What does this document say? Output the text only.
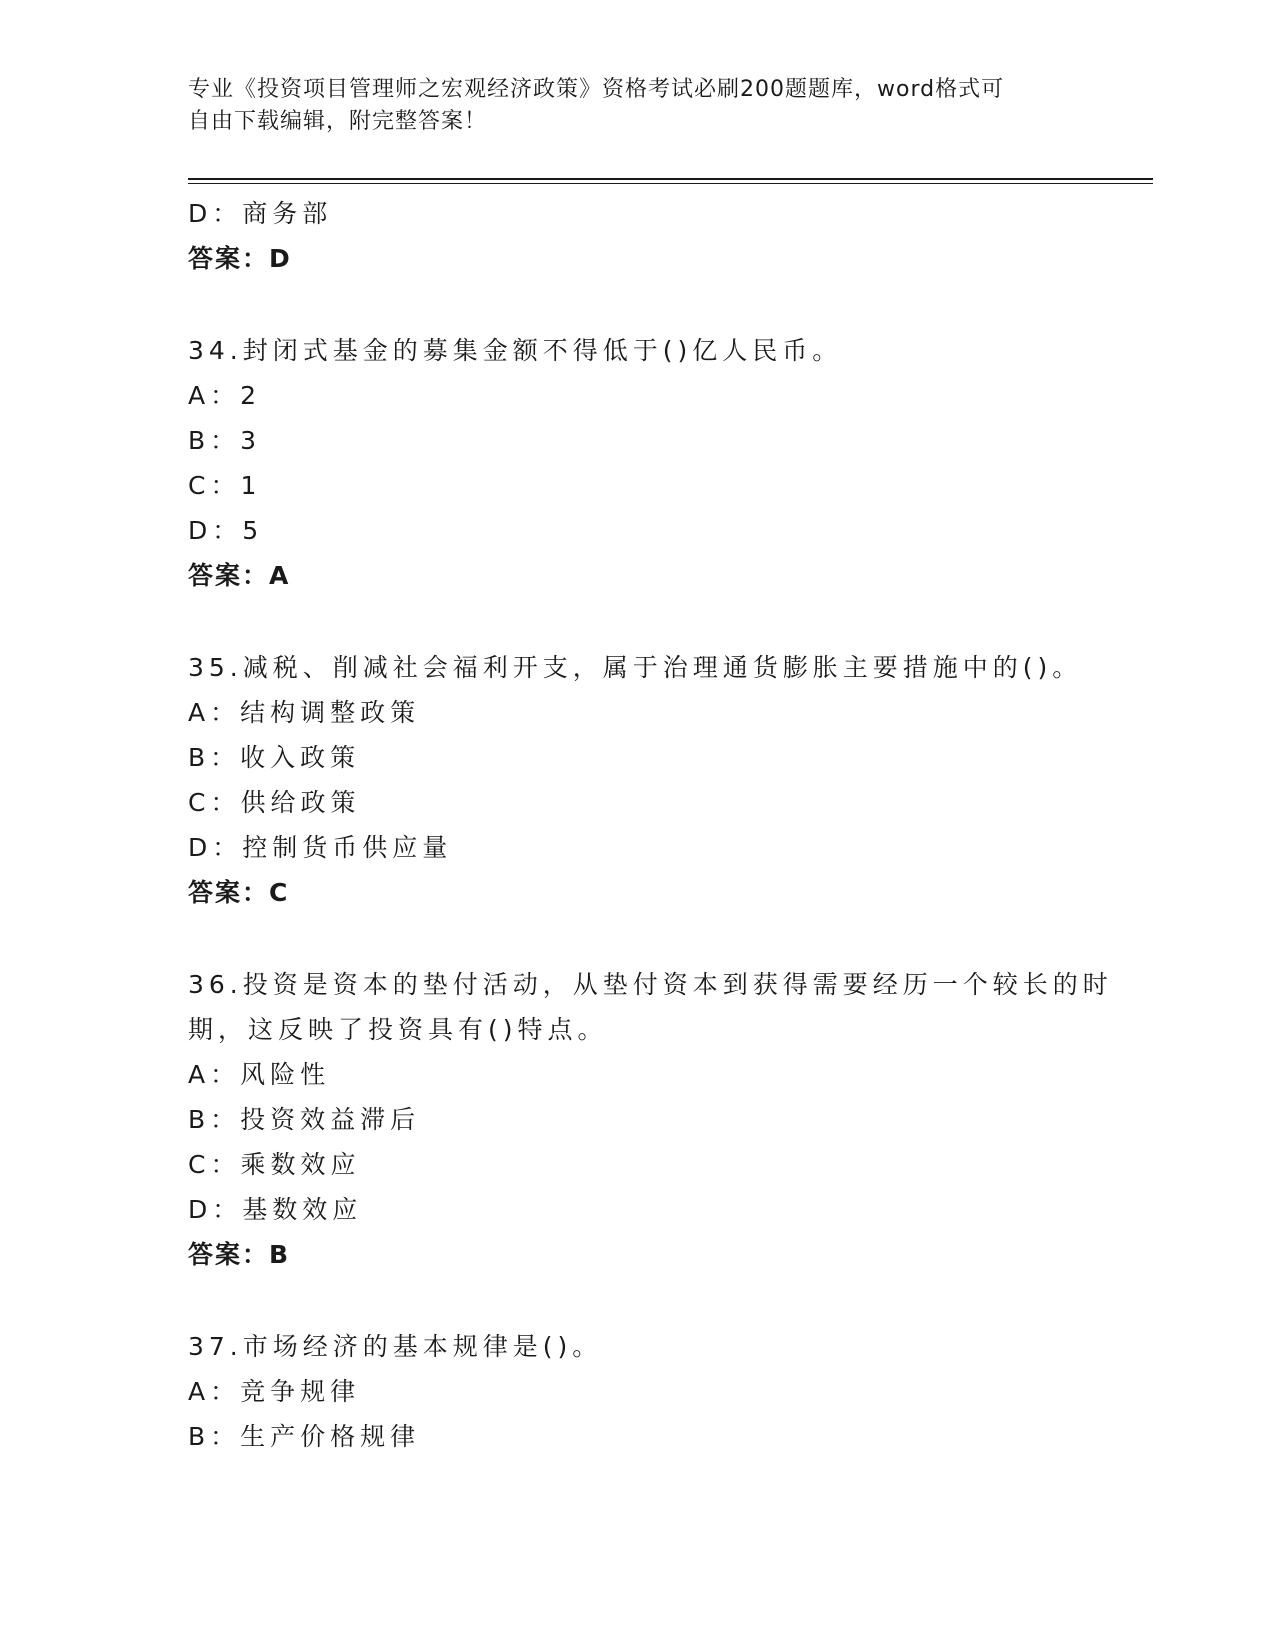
专业《投资项目管理师之宏观经济政策》资格考试必刷200题题库，word格式可
自由下载编辑，附完整答案！
D：商务部
答案：D
34.封闭式基金的募集金额不得低于()亿人民币。
A：2
B：3
C：1
D：5
答案：A
35.减税、削减社会福利开支，属于治理通货膨胀主要措施中的()。
A：结构调整政策
B：收入政策
C：供给政策
D：控制货币供应量
答案：C
36.投资是资本的垫付活动，从垫付资本到获得需要经历一个较长的时
期，这反映了投资具有()特点。
A：风险性
B：投资效益滞后
C：乘数效应
D：基数效应
答案：B
37.市场经济的基本规律是()。
A：竞争规律
B：生产价格规律
